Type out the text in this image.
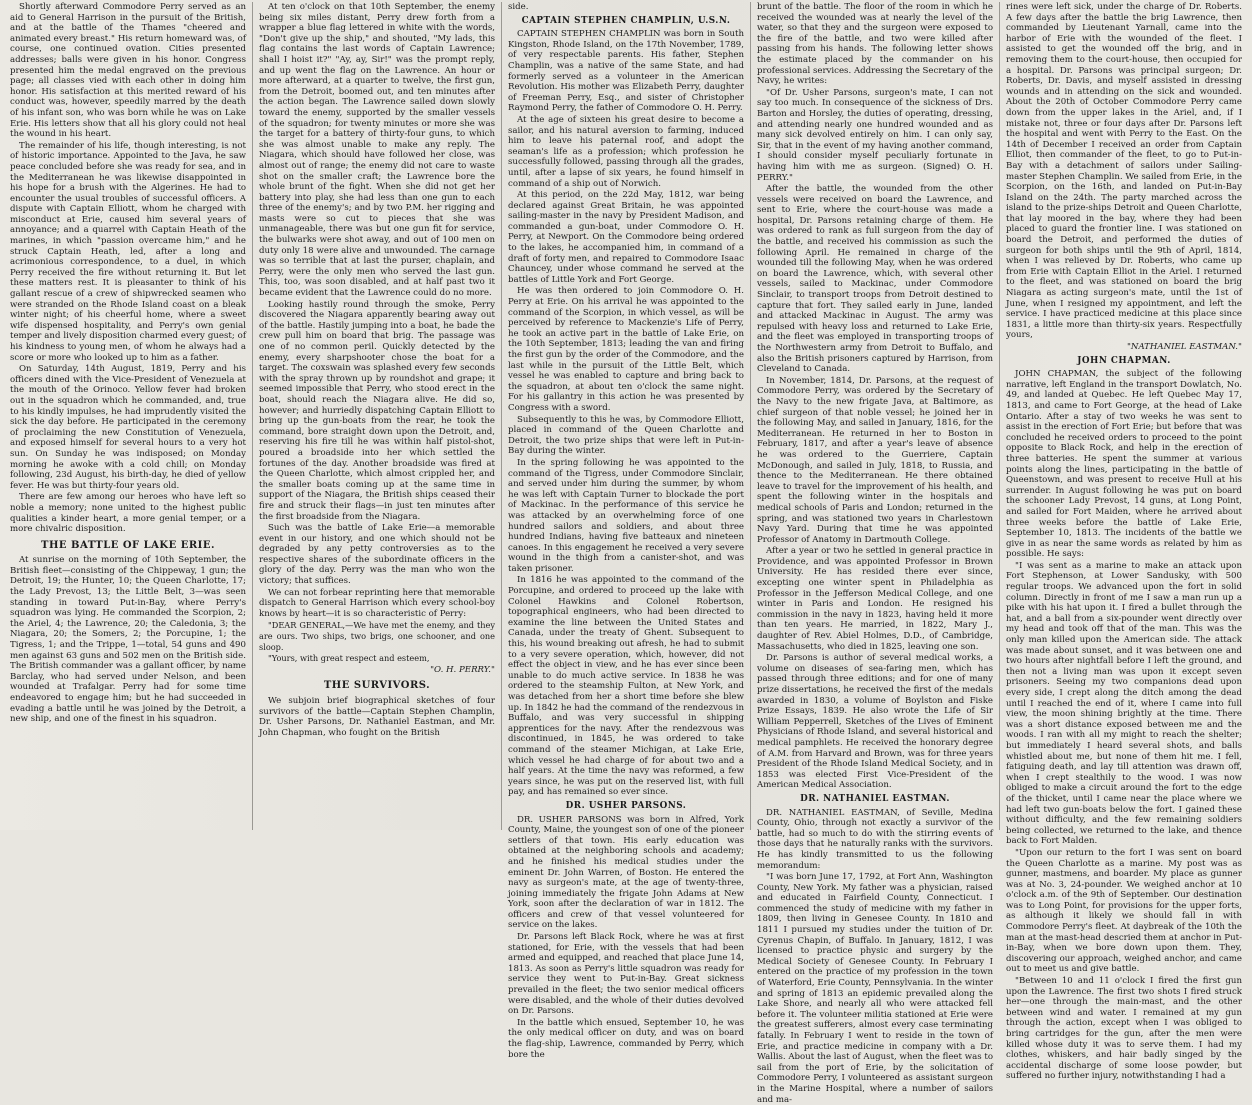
Shortly afterward Commodore Perry served as an aid to General Harrison in the pursuit of the British, and at the battle of the Thames "cheered and animated every breast." His return homeward was, of course, one continued ovation. Cities presented addresses; balls were given in his honor. Congress presented him the medal engraved on the previous page; all classes vied with each other in doing him honor. His satisfaction at this merited reward of his conduct was, however, speedily marred by the death of his infant son, who was born while he was on Lake Erie. His letters show that all his glory could not heal the wound in his heart.

The remainder of his life, though interesting, is not of historic importance. Appointed to the Java, he saw peace concluded before she was ready for sea, and in the Mediterranean he was likewise disappointed in his hope for a brush with the Algerines. He had to encounter the usual troubles of successful officers. A dispute with Captain Elliott, whom he charged with misconduct at Erie, caused him several years of annoyance; and a quarrel with Captain Heath of the marines, in which "passion overcame him," and he struck Captain Heath, led, after a long and acrimonious correspondence, to a duel, in which Perry received the fire without returning it. But let these matters rest. It is pleasanter to think of his gallant rescue of a crew of shipwrecked seamen who were stranded on the Rhode Island coast on a bleak winter night; of his cheerful home, where a sweet wife dispensed hospitality, and Perry's own genial temper and lively disposition charmed every guest; of his kindness to young men, of whom he always had a score or more who looked up to him as a father.

On Saturday, 14th August, 1819, Perry and his officers dined with the Vice-President of Venezuela at the mouth of the Orinoco. Yellow fever had broken out in the squadron which he commanded, and, true to his kindly impulses, he had imprudently visited the sick the day before. He participated in the ceremony of proclaiming the new Constitution of Venezuela, and exposed himself for several hours to a very hot sun. On Sunday he was indisposed; on Monday morning he awoke with a cold chill; on Monday following, 23d August, his birth-day, he died of yellow fever. He was but thirty-four years old.

There are few among our heroes who have left so noble a memory; none united to the highest public qualities a kinder heart, a more genial temper, or a more chivalric disposition.

THE BATTLE OF LAKE ERIE.

At sunrise on the morning of 10th September, the British fleet—consisting of the Chippeway, 1 gun; the Detroit, 19; the Hunter, 10; the Queen Charlotte, 17; the Lady Prevost, 13; the Little Belt, 3—was seen standing in toward Put-in-Bay, where Perry's squadron was lying. He commanded the Scorpion, 2; the Ariel, 4; the Lawrence, 20; the Caledonia, 3; the Niagara, 20; the Somers, 2; the Porcupine, 1; the Tigress, 1; and the Trippe, 1—total, 54 guns and 490 men against 63 guns and 502 men on the British side. The British commander was a gallant officer, by name Barclay, who had served under Nelson, and been wounded at Trafalgar. Perry had for some time endeavored to engage him; but he had succeeded in evading a battle until he was joined by the Detroit, a new ship, and one of the finest in his squadron.

At ten o'clock on that 10th September, the enemy being six miles distant, Perry drew forth from a wrapper a blue flag lettered in white with the words, "Don't give up the ship," and shouted, "My lads, this flag contains the last words of Captain Lawrence; shall I hoist it?" "Ay, ay, Sir!" was the prompt reply, and up went the flag on the Lawrence. An hour or more afterward, at a quarter to twelve, the first gun, from the Detroit, boomed out, and ten minutes after the action began. The Lawrence sailed down slowly toward the enemy, supported by the smaller vessels of the squadron; for twenty minutes or more she was the target for a battery of thirty-four guns, to which she was almost unable to make any reply. The Niagara, which should have followed her close, was almost out of range; the enemy did not care to waste shot on the smaller craft; the Lawrence bore the whole brunt of the fight. When she did not get her battery into play, she had less than one gun to each three of the enemy's; and by two P.M. her rigging and masts were so cut to pieces that she was unmanageable, there was but one gun fit for service, the bulwarks were shot away, and out of 100 men on duty only 18 were alive and unwounded. The carnage was so terrible that at last the purser, chaplain, and Perry, were the only men who served the last gun. This, too, was soon disabled, and at half past two it became evident that the Lawrence could do no more.

Looking hastily round through the smoke, Perry discovered the Niagara apparently bearing away out of the battle. Hastily jumping into a boat, he bade the crew pull him on board that brig. The passage was one of no common peril. Quickly detected by the enemy, every sharpshooter chose the boat for a target. The coxswain was splashed every few seconds with the spray thrown up by roundshot and grape; it seemed impossible that Perry, who stood erect in the boat, should reach the Niagara alive. He did so, however; and hurriedly dispatching Captain Elliott to bring up the gun-boats from the rear, he took the command, bore straight down upon the Detroit, and, reserving his fire till he was within half pistol-shot, poured a broadside into her which settled the fortunes of the day. Another broadside was fired at the Queen Charlotte, which almost crippled her, and the smaller boats coming up at the same time in support of the Niagara, the British ships ceased their fire and struck their flags—in just ten minutes after the first broadside from the Niagara.

Such was the battle of Lake Erie—a memorable event in our history, and one which should not be degraded by any petty controversies as to the respective shares of the subordinate officers in the glory of the day. Perry was the man who won the victory; that suffices.

We can not forbear reprinting here that memorable dispatch to General Harrison which every school-boy knows by heart—it is so characteristic of Perry:

"DEAR GENERAL,—We have met the enemy, and they are ours. Two ships, two brigs, one schooner, and one sloop.

"Yours, with great respect and esteem,

"O. H. PERRY."

THE SURVIVORS.

We subjoin brief biographical sketches of four survivors of the battle—Captain Stephen Champlin, Dr. Usher Parsons, Dr. Nathaniel Eastman, and Mr. John Chapman, who fought on the British

side.

CAPTAIN STEPHEN CHAMPLIN, U.S.N.

CAPTAIN STEPHEN CHAMPLIN was born in South Kingston, Rhode Island, on the 17th November, 1789, of very respectable parents. His father, Stephen Champlin, was a native of the same State, and had formerly served as a volunteer in the American Revolution. His mother was Elizabeth Perry, daughter of Freeman Perry, Esq., and sister of Christopher Raymond Perry, the father of Commodore O. H. Perry.

At the age of sixteen his great desire to become a sailor, and his natural aversion to farming, induced him to leave his paternal roof, and adopt the seaman's life as a profession; which profession he successfully followed, passing through all the grades, until, after a lapse of six years, he found himself in command of a ship out of Norwich.

At this period, on the 22d May, 1812, war being declared against Great Britain, he was appointed sailing-master in the navy by President Madison, and commanded a gun-boat, under Commodore O. H. Perry, at Newport. On the Commodore being ordered to the lakes, he accompanied him, in command of a draft of forty men, and repaired to Commodore Isaac Chauncey, under whose command he served at the battles of Little York and Fort George.

He was then ordered to join Commodore O. H. Perry at Erie. On his arrival he was appointed to the command of the Scorpion, in which vessel, as will be perceived by reference to Mackenzie's Life of Perry, he took an active part in the battle of Lake Erie, on the 10th September, 1813; leading the van and firing the first gun by the order of the Commodore, and the last while in the pursuit of the Little Belt, which vessel he was enabled to capture and bring back to the squadron, at about ten o'clock the same night. For his gallantry in this action he was presented by Congress with a sword.

Subsequently to this he was, by Commodore Elliott, placed in command of the Queen Charlotte and Detroit, the two prize ships that were left in Put-in-Bay during the winter.

In the spring following he was appointed to the command of the Tigress, under Commodore Sinclair, and served under him during the summer, by whom he was left with Captain Turner to blockade the port of Mackinac. In the performance of this service he was attacked by an overwhelming force of one hundred sailors and soldiers, and about three hundred Indians, having five batteaux and nineteen canoes. In this engagement he received a very severe wound in the thigh from a canister-shot, and was taken prisoner.

In 1816 he was appointed to the command of the Porcupine, and ordered to proceed up the lake with Colonel Hawkins and Colonel Robertson, topographical engineers, who had been directed to examine the line between the United States and Canada, under the treaty of Ghent. Subsequent to this, his wound breaking out afresh, he had to submit to a very severe operation, which, however, did not effect the object in view, and he has ever since been unable to do much active service. In 1838 he was ordered to the steamship Fulton, at New York, and was detached from her a short time before she blew up. In 1842 he had the command of the rendezvous in Buffalo, and was very successful in shipping apprentices for the navy. After the rendezvous was discontinued, in 1845, he was ordered to take command of the steamer Michigan, at Lake Erie, which vessel he had charge of for about two and a half years. At the time the navy was reformed, a few years since, he was put on the reserved list, with full pay, and has remained so ever since.

DR. USHER PARSONS.

DR. USHER PARSONS was born in Alfred, York County, Maine, the youngest son of one of the pioneer settlers of that town. His early education was obtained at the neighboring schools and academy; and he finished his medical studies under the eminent Dr. John Warren, of Boston. He entered the navy as surgeon's mate, at the age of twenty-three, joining immediately the frigate John Adams at New York, soon after the declaration of war in 1812. The officers and crew of that vessel volunteered for service on the lakes.

Dr. Parsons left Black Rock, where he was at first stationed, for Erie, with the vessels that had been armed and equipped, and reached that place June 14, 1813. As soon as Perry's little squadron was ready for service they went to Put-in-Bay. Great sickness prevailed in the fleet; the two senior medical officers were disabled, and the whole of their duties devolved on Dr. Parsons.

In the battle which ensued, September 10, he was the only medical officer on duty, and was on board the flag-ship, Lawrence, commanded by Perry, which bore the

brunt of the battle. The floor of the room in which he received the wounded was at nearly the level of the water, so that they and the surgeon were exposed to the fire of the battle, and two were killed after passing from his hands. The following letter shows the estimate placed by the commander on his professional services. Addressing the Secretary of the Navy, he writes:

"Of Dr. Usher Parsons, surgeon's mate, I can not say too much. In consequence of the sickness of Drs. Barton and Horsley, the duties of operating, dressing, and attending nearly one hundred wounded and as many sick devolved entirely on him. I can only say, Sir, that in the event of my having another command, I should consider myself peculiarly fortunate in having him with me as surgeon. (Signed) O. H. PERRY."

After the battle, the wounded from the other vessels were received on board the Lawrence, and sent to Erie, where the court-house was made a hospital, Dr. Parsons retaining charge of them. He was ordered to rank as full surgeon from the day of the battle, and received his commission as such the following April. He remained in charge of the wounded till the following May, when he was ordered on board the Lawrence, which, with several other vessels, sailed to Mackinac, under Commodore Sinclair, to transport troops from Detroit destined to capture that fort. They sailed early in June, landed and attacked Mackinac in August. The army was repulsed with heavy loss and returned to Lake Erie, and the fleet was employed in transporting troops of the Northwestern army from Detroit to Buffalo, and also the British prisoners captured by Harrison, from Cleveland to Canada.

In November, 1814, Dr. Parsons, at the request of Commodore Perry, was ordered by the Secretary of the Navy to the new frigate Java, at Baltimore, as chief surgeon of that noble vessel; he joined her in the following May, and sailed in January, 1816, for the Mediterranean. He returned in her to Boston in February, 1817, and after a year's leave of absence he was ordered to the Guerriere, Captain McDonough, and sailed in July, 1818, to Russia, and thence to the Mediterranean. He there obtained leave to travel for the improvement of his health, and spent the following winter in the hospitals and medical schools of Paris and London; returned in the spring, and was stationed two years in Charlestown Navy Yard. During that time he was appointed Professor of Anatomy in Dartmouth College.

After a year or two he settled in general practice in Providence, and was appointed Professor in Brown University. He has resided there ever since, excepting one winter spent in Philadelphia as Professor in the Jefferson Medical College, and one winter in Paris and London. He resigned his commission in the navy in 1823, having held it more than ten years. He married, in 1822, Mary J., daughter of Rev. Abiel Holmes, D.D., of Cambridge, Massachusetts, who died in 1825, leaving one son.

Dr. Parsons is author of several medical works, a volume on diseases of sea-faring men, which has passed through three editions; and for one of many prize dissertations, he received the first of the medals awarded in 1830, a volume of Boylston and Fiske Prize Essays, 1839. He also wrote the Life of Sir William Pepperrell, Sketches of the Lives of Eminent Physicians of Rhode Island, and several historical and medical pamphlets. He received the honorary degree of A.M. from Harvard and Brown, was for three years President of the Rhode Island Medical Society, and in 1853 was elected First Vice-President of the American Medical Association.

DR. NATHANIEL EASTMAN.

DR. NATHANIEL EASTMAN, of Seville, Medina County, Ohio, through not exactly a survivor of the battle, had so much to do with the stirring events of those days that he naturally ranks with the survivors. He has kindly transmitted to us the following memorandum:

"I was born June 17, 1792, at Fort Ann, Washington County, New York. My father was a physician, raised and educated in Fairfield County, Connecticut. I commenced the study of medicine with my father in 1809, then living in Genesee County. In 1810 and 1811 I pursued my studies under the tuition of Dr. Cyrenus Chapin, of Buffalo. In January, 1812, I was licensed to practice physic and surgery by the Medical Society of Genesee County. In February I entered on the practice of my profession in the town of Waterford, Erie County, Pennsylvania. In the winter and spring of 1813 an epidemic prevailed along the Lake Shore, and nearly all who were attacked fell before it. The volunteer militia stationed at Erie were the greatest sufferers, almost every case terminating fatally. In February I went to reside in the town of Erie, and practice medicine in company with a Dr. Wallis. About the last of August, when the fleet was to sail from the port of Erie, by the solicitation of Commodore Perry, I volunteered as assistant surgeon in the Marine Hospital, where a number of sailors and ma-

rines were left sick, under the charge of Dr. Roberts. A few days after the battle the brig Lawrence, then commanded by Lieutenant Yarnall, came into the harbor of Erie with the wounded of the fleet. I assisted to get the wounded off the brig, and in removing them to the court-house, then occupied for a hospital. Dr. Parsons was principal surgeon; Dr. Roberts, Dr. Davis, and myself assisted in dressing wounds and in attending on the sick and wounded. About the 20th of October Commodore Perry came down from the upper lakes in the Ariel, and, if I mistake not, three or four days after Dr. Parsons left the hospital and went with Perry to the East. On the 14th of December I received an order from Captain Elliot, then commander of the fleet, to go to Put-in-Bay with a detachment of sailors under Sailing-master Stephen Champlin. We sailed from Erie, in the Scorpion, on the 16th, and landed on Put-in-Bay Island on the 24th. The party marched across the island to the prize-ships Detroit and Queen Charlotte, that lay moored in the bay, where they had been placed to guard the frontier line. I was stationed on board the Detroit, and performed the duties of surgeon for both ships until the 9th of April, 1814, when I was relieved by Dr. Roberts, who came up from Erie with Captain Elliot in the Ariel. I returned to the fleet, and was stationed on board the brig Niagara as acting surgeon's mate, until the 1st of June, when I resigned my appointment, and left the service. I have practiced medicine at this place since 1831, a little more than thirty-six years. Respectfully yours,

"NATHANIEL EASTMAN."

JOHN CHAPMAN.

JOHN CHAPMAN, the subject of the following narrative, left England in the transport Dowlatch, No. 49, and landed at Quebec. He left Quebec May 17, 1813, and came to Fort George, at the head of Lake Ontario. After a stay of two weeks he was sent to assist in the erection of Fort Erie; but before that was concluded he received orders to proceed to the point opposite to Black Rock, and help in the erection of three batteries. He spent the summer at various points along the lines, participating in the battle of Queenstown, and was present to receive Hull at his surrender. In August following he was put on board the schooner Lady Prevost, 14 guns, at Long Point, and sailed for Fort Maiden, where he arrived about three weeks before the battle of Lake Erie, September 10, 1813. The incidents of the battle we give in as near the same words as related by him as possible. He says:

"I was sent as a marine to make an attack upon Fort Stephenson, at Lower Sandusky, with 500 regular troops. We advanced upon the fort in solid column. Directly in front of me I saw a man run up a pike with his hat upon it. I fired a bullet through the hat, and a ball from a six-pounder went directly over my head and took off that of the man. This was the only man killed upon the American side. The attack was made about sunset, and it was between one and two hours after nightfall before I left the ground, and then not a living man was upon it except seven prisoners. Seeing my two companions dead upon every side, I crept along the ditch among the dead until I reached the end of it, where I came into full view, the moon shining brightly at the time. There was a short distance exposed between me and the woods. I ran with all my might to reach the shelter; but immediately I heard several shots, and balls whistled about me, but none of them hit me. I fell, fatiguing death, and lay till attention was drawn off, when I crept stealthily to the wood. I was now obliged to make a circuit around the fort to the edge of the thicket, until I came near the place where we had left two gun-boats below the fort. I gained these without difficulty, and the few remaining soldiers being collected, we returned to the lake, and thence back to Fort Malden.

"Upon our return to the fort I was sent on board the Queen Charlotte as a marine. My post was as gunner, mastmens, and boarder. My place as gunner was at No. 3, 24-pounder. We weighed anchor at 10 o'clock a.m. of the 9th of September. Our destination was to Long Point, for provisions for the upper forts, as although it likely we should fall in with Commodore Perry's fleet. At daybreak of the 10th the man at the mast-head descried them at anchor in Put-in-Bay, when we bore down upon them. They, discovering our approach, weighed anchor, and came out to meet us and give battle.

"Between 10 and 11 o'clock I fired the first gun upon the Lawrence. The first two shots I fired struck her—one through the main-mast, and the other between wind and water. I remained at my gun through the action, except when I was obliged to bring cartridges for the gun, after the men were killed whose duty it was to serve them. I had my clothes, whiskers, and hair badly singed by the accidental discharge of some loose powder, but suffered no further injury, notwithstanding I had a
